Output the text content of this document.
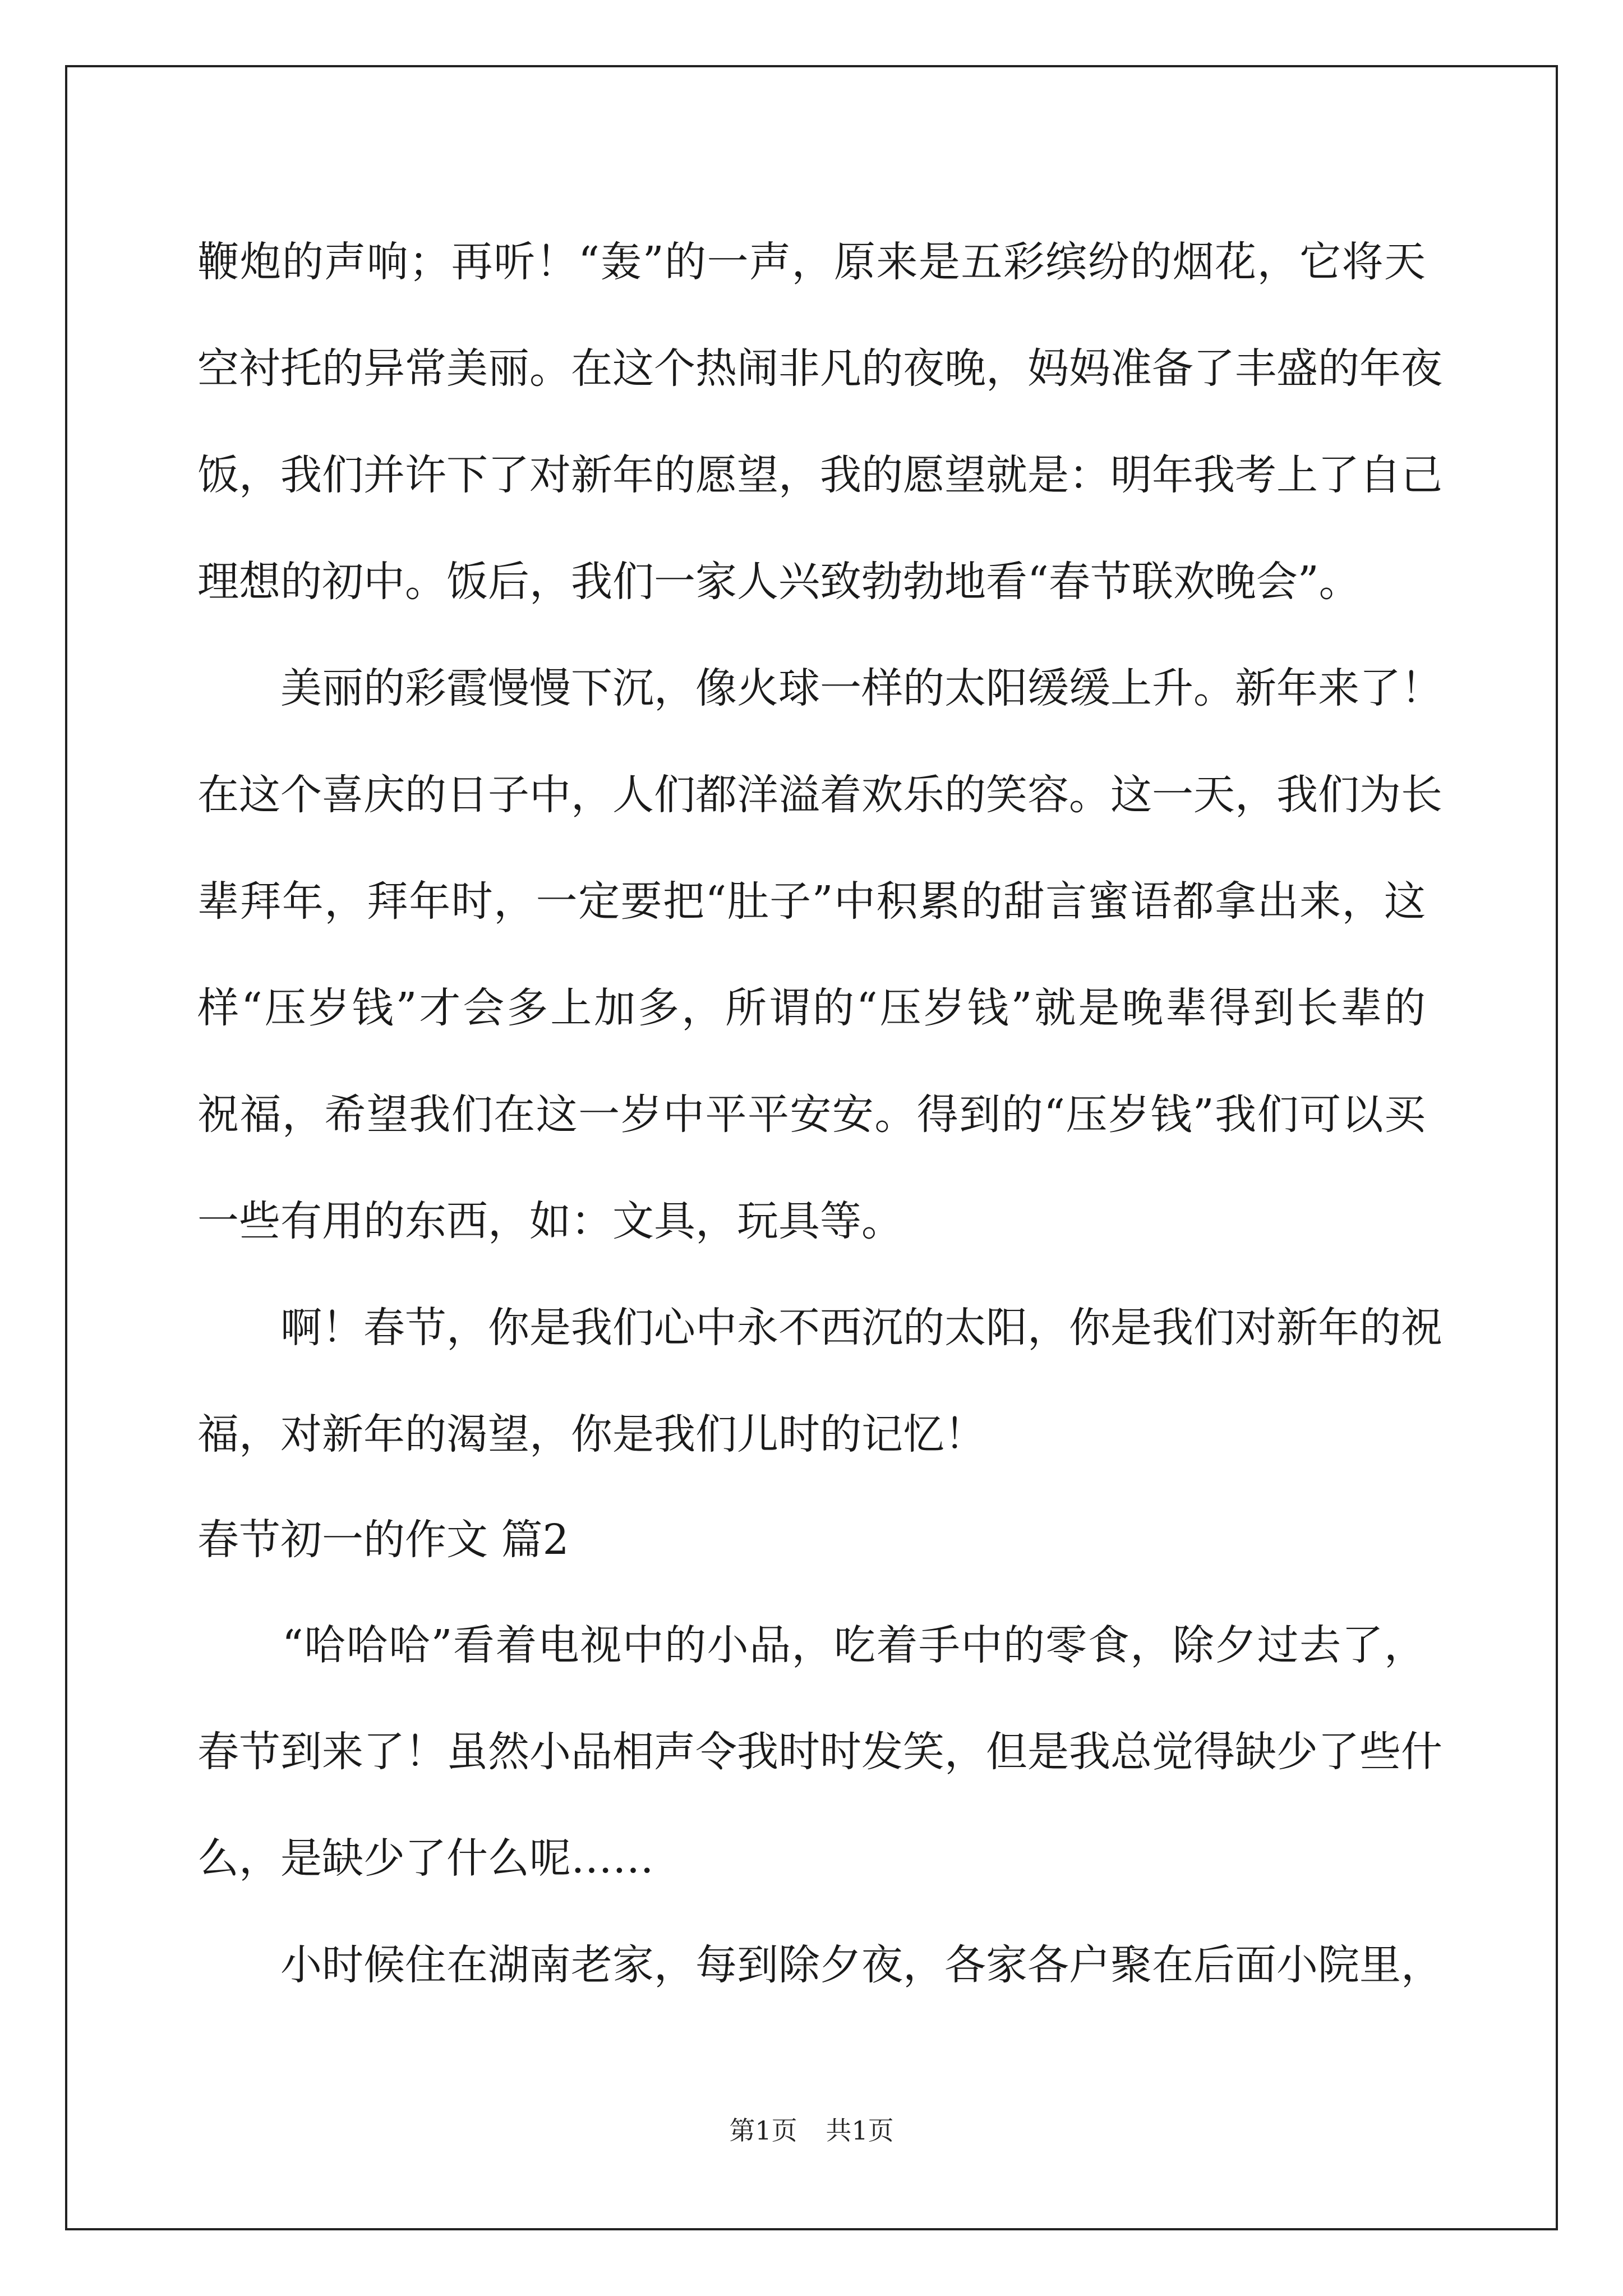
鞭炮的声响；再听！“轰”的一声，原来是五彩缤纷的烟花，它将天
空衬托的异常美丽。在这个热闹非凡的夜晚，妈妈准备了丰盛的年夜
饭，我们并许下了对新年的愿望，我的愿望就是：明年我考上了自己
理想的初中。饭后，我们一家人兴致勃勃地看“春节联欢晚会”。
　　美丽的彩霞慢慢下沉，像火球一样的太阳缓缓上升。新年来了！
在这个喜庆的日子中，人们都洋溢着欢乐的笑容。这一天，我们为长
辈拜年，拜年时，一定要把“肚子”中积累的甜言蜜语都拿出来，这
样“压岁钱”才会多上加多，所谓的“压岁钱”就是晚辈得到长辈的
祝福，希望我们在这一岁中平平安安。得到的“压岁钱”我们可以买
一些有用的东西，如：文具，玩具等。
　　啊！春节，你是我们心中永不西沉的太阳，你是我们对新年的祝
福，对新年的渴望，你是我们儿时的记忆！
春节初一的作文 篇2
　　“哈哈哈”看着电视中的小品，吃着手中的零食，除夕过去了，
春节到来了！虽然小品相声令我时时发笑，但是我总觉得缺少了些什
么，是缺少了什么呢……
　　小时候住在湖南老家，每到除夕夜，各家各户聚在后面小院里，
第1页 共1页
